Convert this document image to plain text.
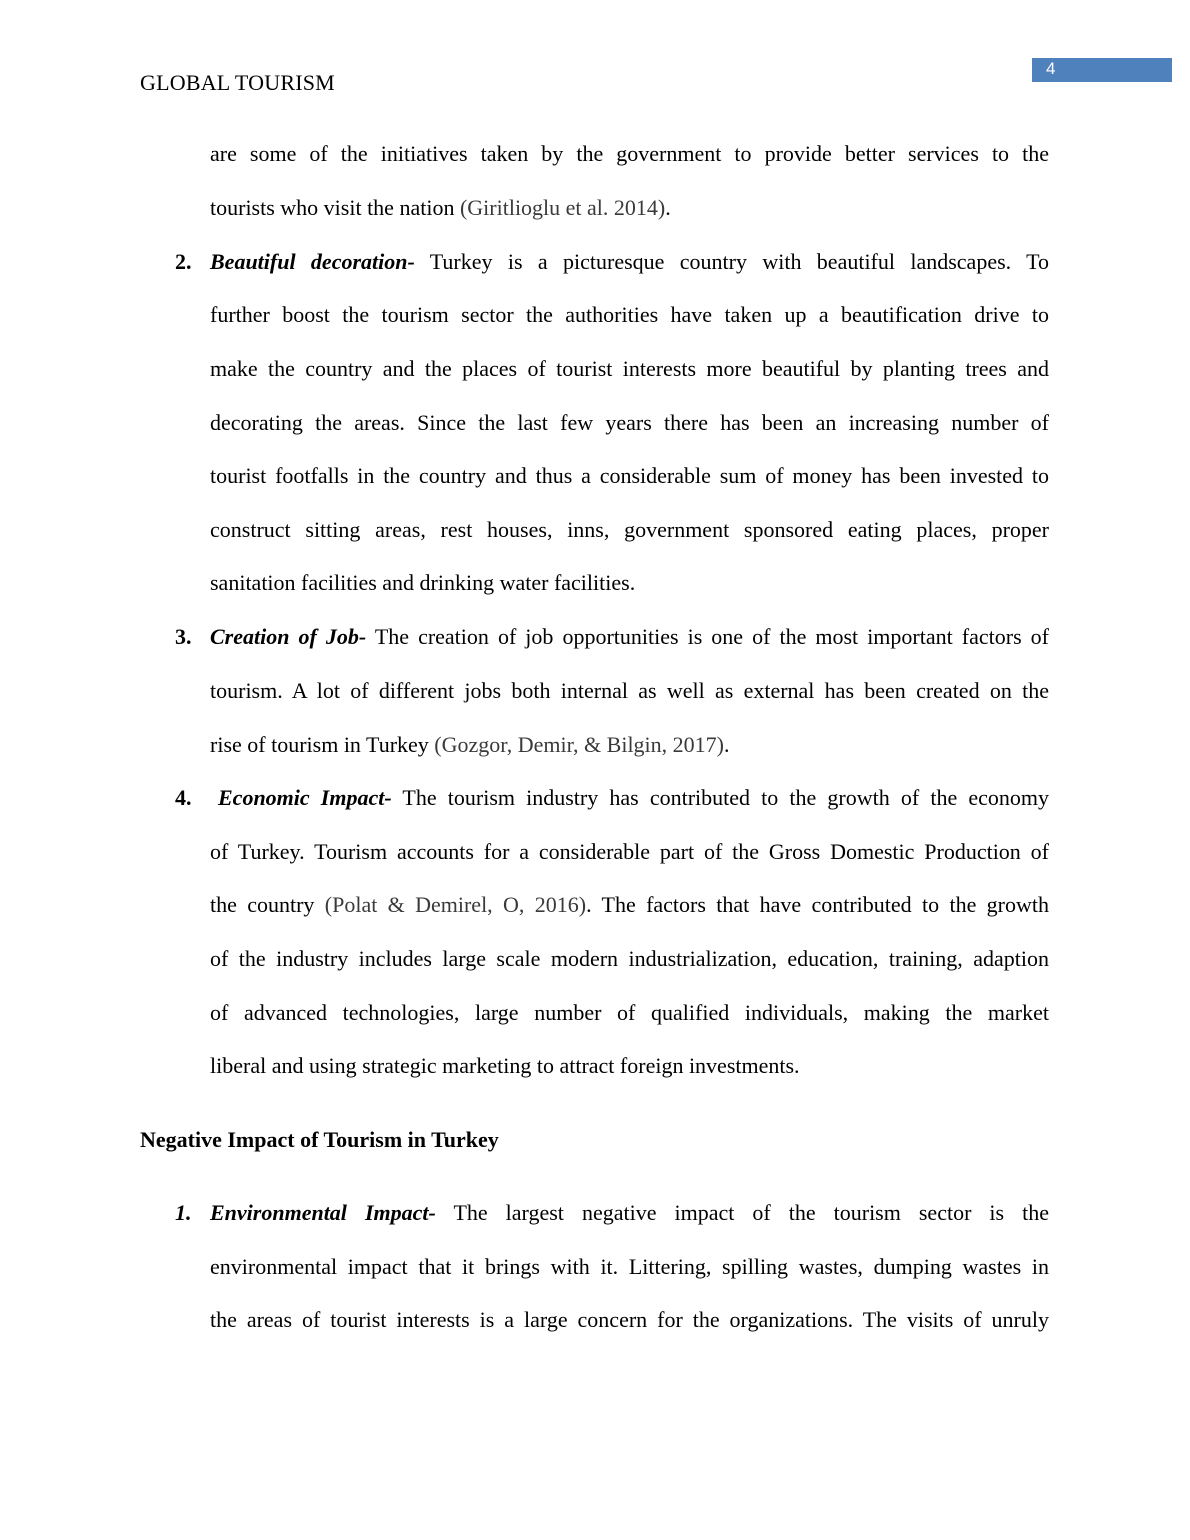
GLOBAL TOURISM
4
are some of the initiatives taken by the government to provide better services to the
tourists who visit the nation (Giritlioglu et al. 2014).
2. Beautiful decoration- Turkey is a picturesque country with beautiful landscapes. To
further boost the tourism sector the authorities have taken up a beautification drive to
make the country and the places of tourist interests more beautiful by planting trees and
decorating the areas. Since the last few years there has been an increasing number of
tourist footfalls in the country and thus a considerable sum of money has been invested to
construct sitting areas, rest houses, inns, government sponsored eating places, proper
sanitation facilities and drinking water facilities.
3. Creation of Job- The creation of job opportunities is one of the most important factors of
tourism. A lot of different jobs both internal as well as external has been created on the
rise of tourism in Turkey (Gozgor, Demir, & Bilgin, 2017).
4. Economic Impact- The tourism industry has contributed to the growth of the economy
of Turkey. Tourism accounts for a considerable part of the Gross Domestic Production of
the country (Polat & Demirel, O, 2016). The factors that have contributed to the growth
of the industry includes large scale modern industrialization, education, training, adaption
of advanced technologies, large number of qualified individuals, making the market
liberal and using strategic marketing to attract foreign investments.
Negative Impact of Tourism in Turkey
1. Environmental Impact- The largest negative impact of the tourism sector is the
environmental impact that it brings with it. Littering, spilling wastes, dumping wastes in
the areas of tourist interests is a large concern for the organizations. The visits of unruly
